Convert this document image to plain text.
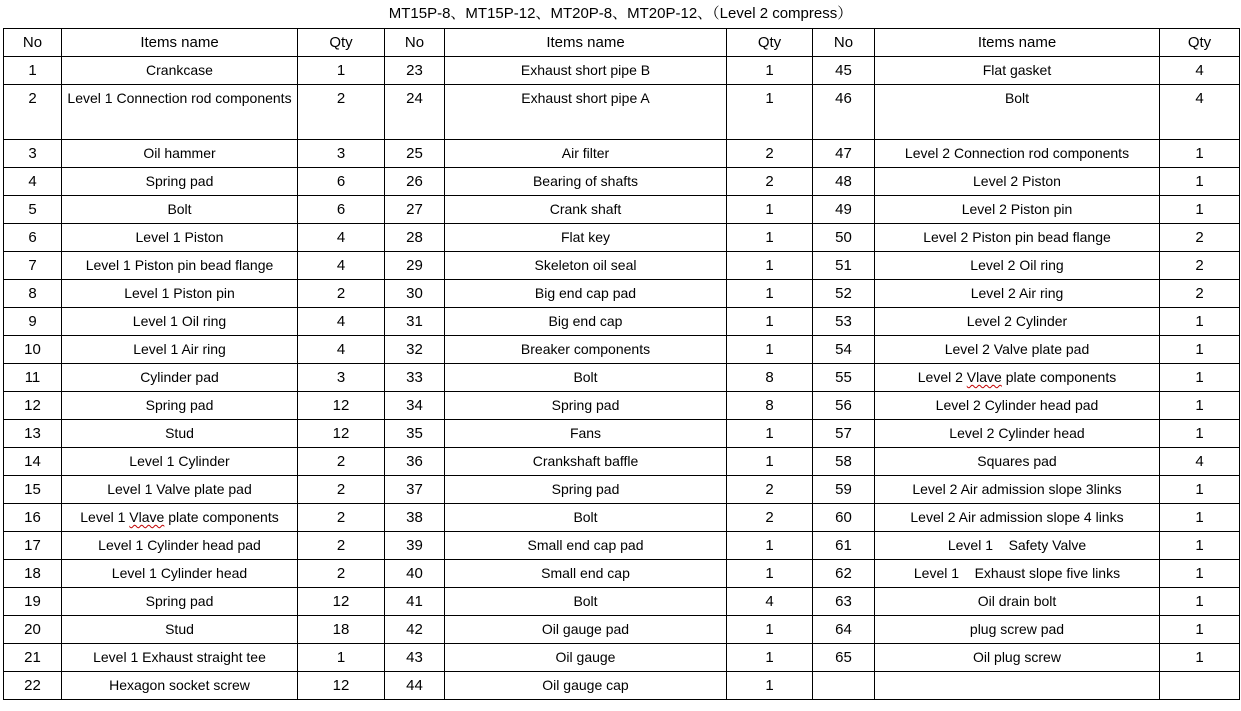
MT15P-8、MT15P-12、MT20P-8、MT20P-12、（Level 2 compress）
No	Items name	Qty	No	Items name	Qty	No	Items name	Qty
1	Crankcase	1	23	Exhaust short pipe B	1	45	Flat gasket	4
2	Level 1 Connection rod components	2	24	Exhaust short pipe A	1	46	Bolt	4
3	Oil hammer	3	25	Air filter	2	47	Level 2 Connection rod components	1
4	Spring pad	6	26	Bearing of shafts	2	48	Level 2 Piston	1
5	Bolt	6	27	Crank shaft	1	49	Level 2 Piston pin	1
6	Level 1 Piston	4	28	Flat key	1	50	Level 2 Piston pin bead flange	2
7	Level 1 Piston pin bead flange	4	29	Skeleton oil seal	1	51	Level 2 Oil ring	2
8	Level 1 Piston pin	2	30	Big end cap pad	1	52	Level 2 Air ring	2
9	Level 1 Oil ring	4	31	Big end cap	1	53	Level 2 Cylinder	1
10	Level 1 Air ring	4	32	Breaker components	1	54	Level 2 Valve plate pad	1
11	Cylinder pad	3	33	Bolt	8	55	Level 2 Vlave plate components	1
12	Spring pad	12	34	Spring pad	8	56	Level 2 Cylinder head pad	1
13	Stud	12	35	Fans	1	57	Level 2 Cylinder head	1
14	Level 1 Cylinder	2	36	Crankshaft baffle	1	58	Squares pad	4
15	Level 1 Valve plate pad	2	37	Spring pad	2	59	Level 2 Air admission slope 3links	1
16	Level 1 Vlave plate components	2	38	Bolt	2	60	Level 2 Air admission slope 4 links	1
17	Level 1 Cylinder head pad	2	39	Small end cap pad	1	61	Level 1    Safety Valve	1
18	Level 1 Cylinder head	2	40	Small end cap	1	62	Level 1    Exhaust slope five links	1
19	Spring pad	12	41	Bolt	4	63	Oil drain bolt	1
20	Stud	18	42	Oil gauge pad	1	64	plug screw pad	1
21	Level 1 Exhaust straight tee	1	43	Oil gauge	1	65	Oil plug screw	1
22	Hexagon socket screw	12	44	Oil gauge cap	1			
